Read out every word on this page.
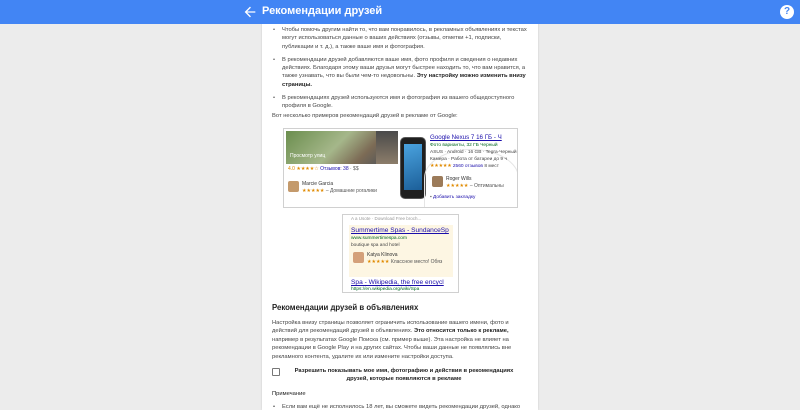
Рекомендации друзей	?
• Чтобы помочь другим найти то, что вам понравилось, в рекламных объявлениях и текстах могут использоваться данные о ваших действиях (отзывы, отметки +1, подписки, публикации и т. д.), а также ваше имя и фотография.
• В рекомендации друзей добавляются ваше имя, фото профиля и сведения о недавних действиях. Благодаря этому ваши друзья могут быстрее находить то, что вам нравится, а также узнавать, что вы были чем-то недовольны. Эту настройку можно изменить внизу страницы.
• В рекомендациях друзей используются имя и фотография из вашего общедоступного профиля в Google.
Вот несколько примеров рекомендаций друзей в рекламе от Google:
Просмотр улиц
4.0 ★★★★☆ Отзывов: 38 · $$
Marcie Garcia
★★★★★ – Домашние рогалики
Google Nexus 7 16 ГБ - Ч
Фото варианты, 32 ГБ Черный
ASUS · Android · 16 GB · Tegra·Черный
Камера · Работа от батареи до 9 ч
★★★★★ 2560 отзывов 8 мест
Roger Wills
★★★★★ – Оптимальны
▪ Добавить закладку
A a Usote · Download Free broch...
Summertime Spas - SundanceSp
www.summertimespa.com
boutique spa and hotel
Katya Klinova
★★★★★ Классное место! Обяз
Spa - Wikipedia, the free encycl
https://en.wikipedia.org/wiki/Spa
Рекомендации друзей в объявлениях
Настройка внизу страницы позволяет ограничить использование вашего имени, фото и действий для рекомендаций друзей в объявлениях. Это относится только к рекламе, например в результатах Google Поиска (см. пример выше). Эта настройка не влияет на рекомендации в Google Play и на других сайтах. Чтобы ваши данные не появлялись вне рекламного контента, удалите их или измените настройки доступа.
Разрешить показывать мое имя, фотографию и действия в рекомендациях друзей, которые появляются в рекламе
Примечание
• Если вам ещё не исполнилось 18 лет, вы сможете видеть рекомендации друзей, однако
